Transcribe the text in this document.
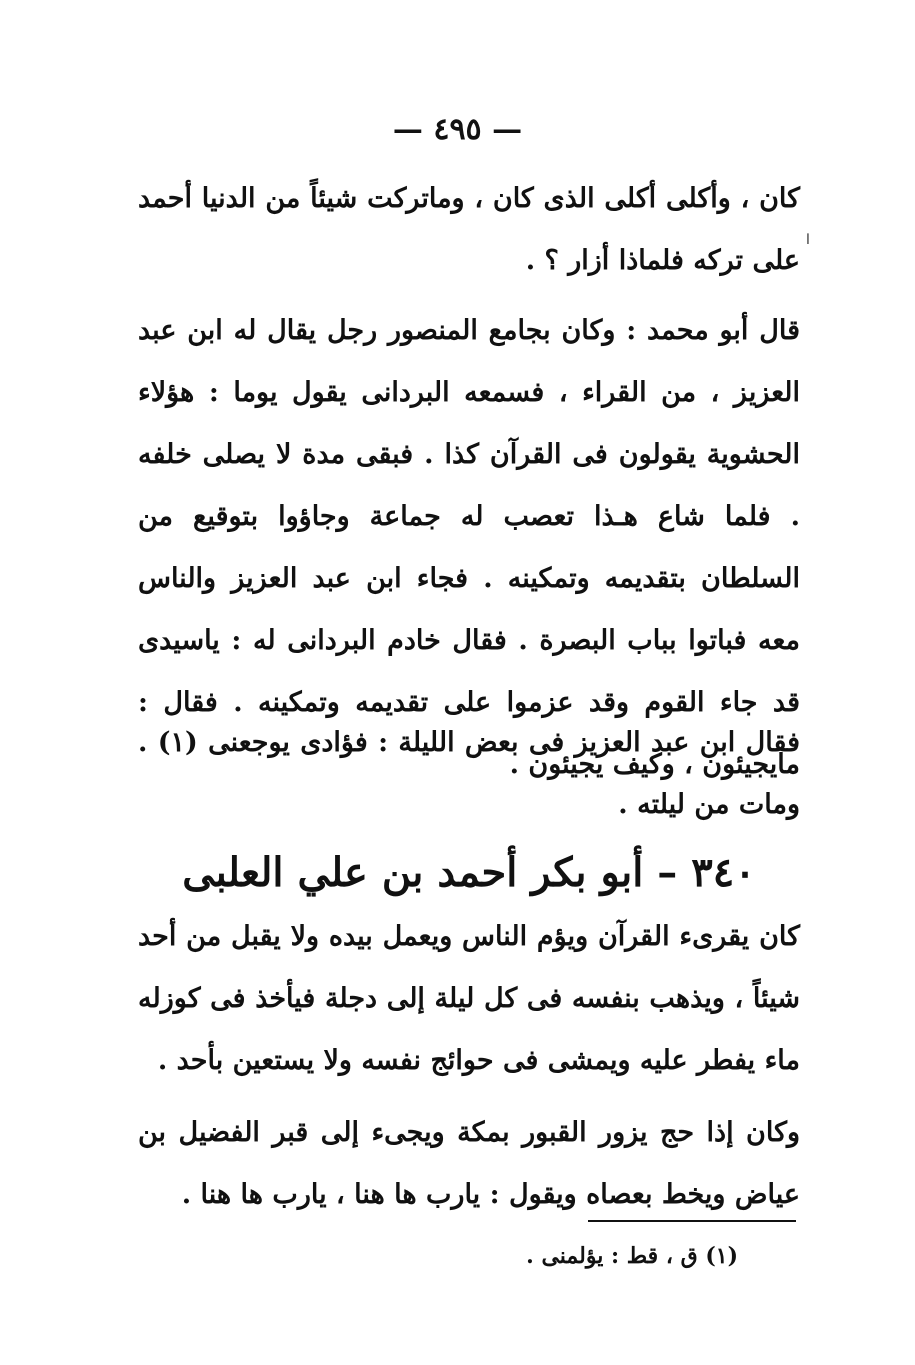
— ٤٩٥ —
ا
كان ، وأكلى أكلى الذى كان ، وماتركت شيئاً من الدنيا أحمد على تركه فلماذا أزار ؟ .
قال أبو محمد : وكان بجامع المنصور رجل يقال له ابن عبد العزيز ، من القراء ، فسمعه البردانى يقول يوما : هؤلاء الحشوية يقولون فى القرآن كذا . فبقى مدة لا يصلى خلفه . فلما شاع هـذا تعصب له جماعة وجاؤوا بتوقيع من السلطان بتقديمه وتمكينه . فجاء ابن عبد العزيز والناس معه فباتوا بباب البصرة . فقال خادم البردانى له : ياسيدى قد جاء القوم وقد عزموا على تقديمه وتمكينه . فقال : مايجيئون ، وكيف يجيئون .
فقال ابن عبد العزيز فى بعض الليلة : فؤادى يوجعنى (١) . ومات من ليلته .
٣٤٠ – أبو بكر أحمد بن علي العلبى
كان يقرىء القرآن ويؤم الناس ويعمل بيده ولا يقبل من أحد شيئاً ، ويذهب بنفسه فى كل ليلة إلى دجلة فيأخذ فى كوزله ماء يفطر عليه ويمشى فى حوائج نفسه ولا يستعين بأحد .
وكان إذا حج يزور القبور بمكة ويجىء إلى قبر الفضيل بن عياض ويخط بعصاه ويقول : يارب ها هنا ، يارب ها هنا .
(١) ق ، قط : يؤلمنى .
